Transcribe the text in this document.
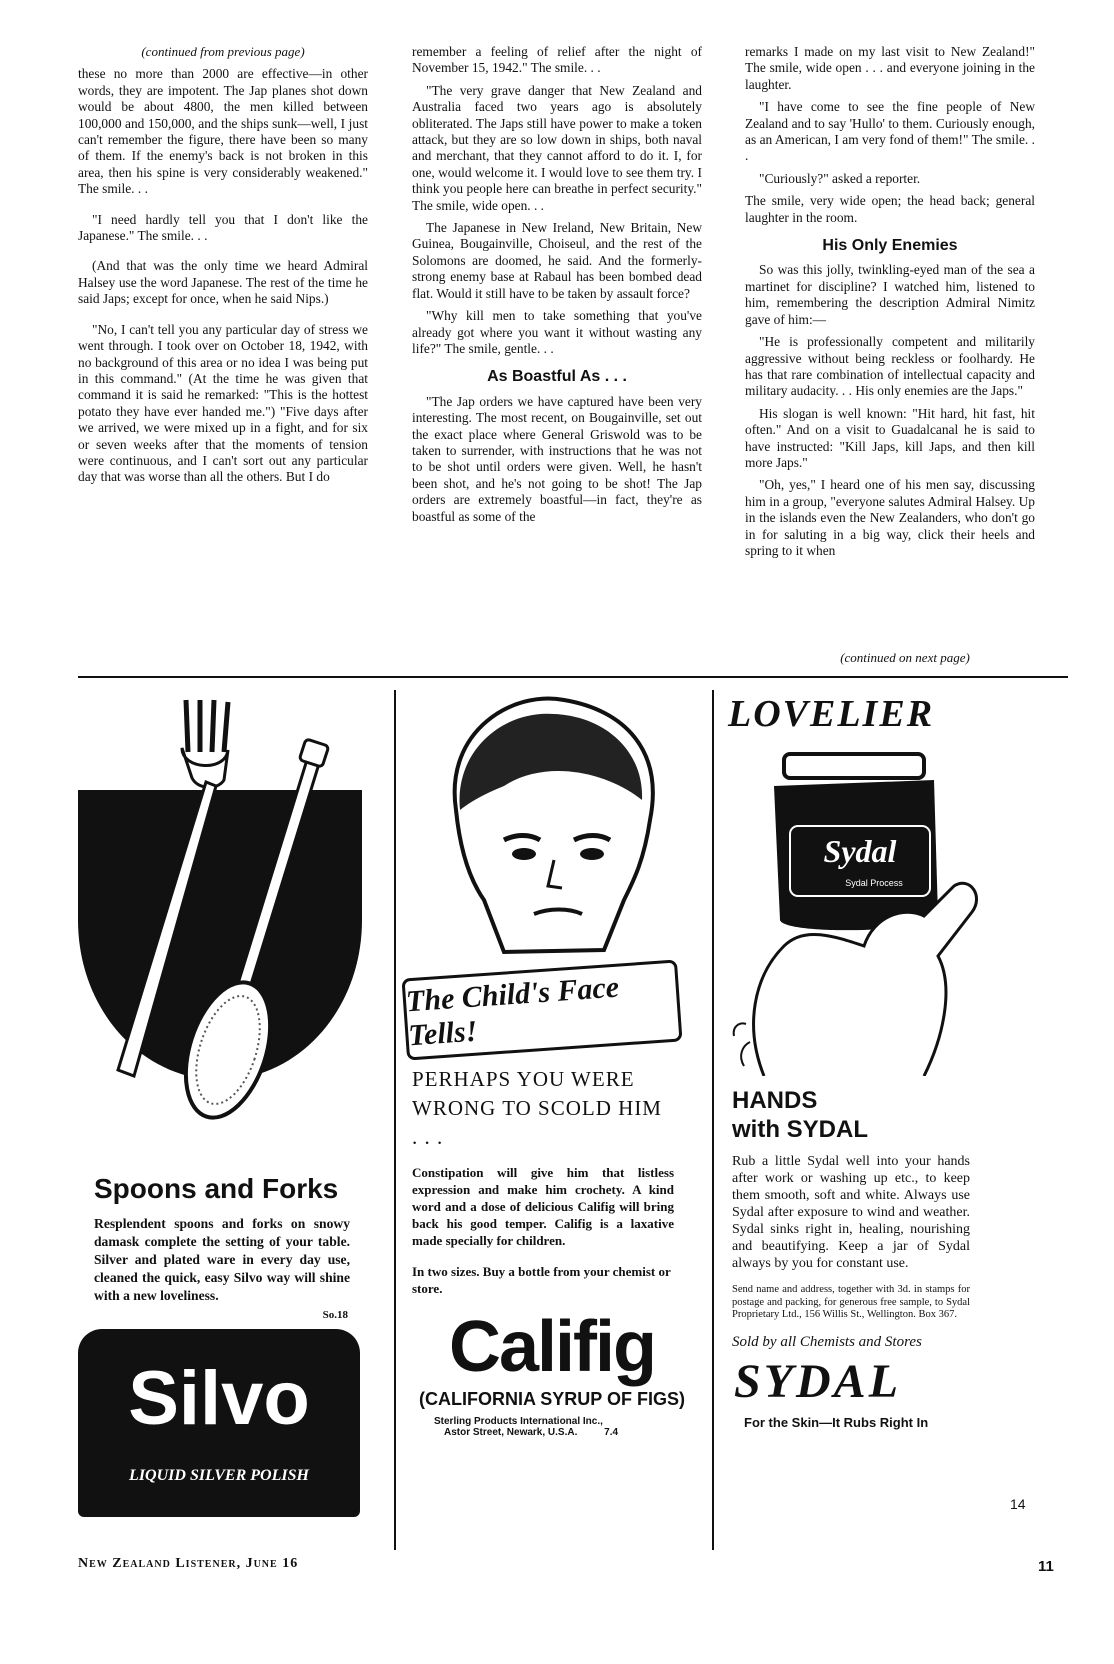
(continued from previous page)

these no more than 2000 are effective—in other words, they are impotent. The Jap planes shot down would be about 4800, the men killed between 100,000 and 150,000, and the ships sunk—well, I just can't remember the figure, there have been so many of them. If the enemy's back is not broken in this area, then his spine is very considerably weakened." The smile. . .

"I need hardly tell you that I don't like the Japanese." The smile. . .

(And that was the only time we heard Admiral Halsey use the word Japanese. The rest of the time he said Japs; except for once, when he said Nips.)

"No, I can't tell you any particular day of stress we went through. I took over on October 18, 1942, with no background of this area or no idea I was being put in this command." (At the time he was given that command it is said he remarked: "This is the hottest potato they have ever handed me.") "Five days after we arrived, we were mixed up in a fight, and for six or seven weeks after that the moments of tension were continuous, and I can't sort out any particular day that was worse than all the others. But I do

remember a feeling of relief after the night of November 15, 1942." The smile. . .

"The very grave danger that New Zealand and Australia faced two years ago is absolutely obliterated. The Japs still have power to make a token attack, but they are so low down in ships, both naval and merchant, that they cannot afford to do it. I, for one, would welcome it. I would love to see them try. I think you people here can breathe in perfect security." The smile, wide open. . .

The Japanese in New Ireland, New Britain, New Guinea, Bougainville, Choiseul, and the rest of the Solomons are doomed, he said. And the formerly-strong enemy base at Rabaul has been bombed dead flat. Would it still have to be taken by assault force?

"Why kill men to take something that you've already got where you want it without wasting any life?" The smile, gentle. . .

As Boastful As . . .

"The Jap orders we have captured have been very interesting. The most recent, on Bougainville, set out the exact place where General Griswold was to be taken to surrender, with instructions that he was not to be shot until orders were given. Well, he hasn't been shot, and he's not going to be shot! The Jap orders are extremely boastful—in fact, they're as boastful as some of the

remarks I made on my last visit to New Zealand!" The smile, wide open . . . and everyone joining in the laughter.

"I have come to see the fine people of New Zealand and to say 'Hullo' to them. Curiously enough, as an American, I am very fond of them!" The smile. . .

"Curiously?" asked a reporter.

The smile, very wide open; the head back; general laughter in the room.

His Only Enemies

So was this jolly, twinkling-eyed man of the sea a martinet for discipline? I watched him, listened to him, remembering the description Admiral Nimitz gave of him:—

"He is professionally competent and militarily aggressive without being reckless or foolhardy. He has that rare combination of intellectual capacity and military audacity. . . His only enemies are the Japs."

His slogan is well known: "Hit hard, hit fast, hit often." And on a visit to Guadalcanal he is said to have instructed: "Kill Japs, kill Japs, and then kill more Japs."

"Oh, yes," I heard one of his men say, discussing him in a group, "everyone salutes Admiral Halsey. Up in the islands even the New Zealanders, who don't go in for saluting in a big way, click their heels and spring to it when

(continued on next page)
Spoons and Forks
Resplendent spoons and forks on snowy damask complete the setting of your table. Silver and plated ware in every day use, cleaned the quick, easy Silvo way will shine with a new loveliness.
So.18
Silvo
LIQUID SILVER POLISH
The Child's Face Tells!
PERHAPS YOU WERE WRONG TO SCOLD HIM . . .
Constipation will give him that listless expression and make him crochety. A kind word and a dose of delicious Califig will bring back his good temper. Califig is a laxative made specially for children.
In two sizes. Buy a bottle from your chemist or store.
Califig
(CALIFORNIA SYRUP OF FIGS)
Sterling Products International Inc.,
Astor Street, Newark, U.S.A.	7.4
LOVELIER
Sydal
Sydal Process
HANDS
with SYDAL
Rub a little Sydal well into your hands after work or washing up etc., to keep them smooth, soft and white. Always use Sydal after exposure to wind and weather. Sydal sinks right in, healing, nourishing and beautifying. Keep a jar of Sydal always by you for constant use.
Send name and address, together with 3d. in stamps for postage and packing, for generous free sample, to Sydal Proprietary Ltd., 156 Willis St., Wellington. Box 367.
Sold by all Chemists and Stores
SYDAL
For the Skin—It Rubs Right In
14
New Zealand Listener, June 16	11
